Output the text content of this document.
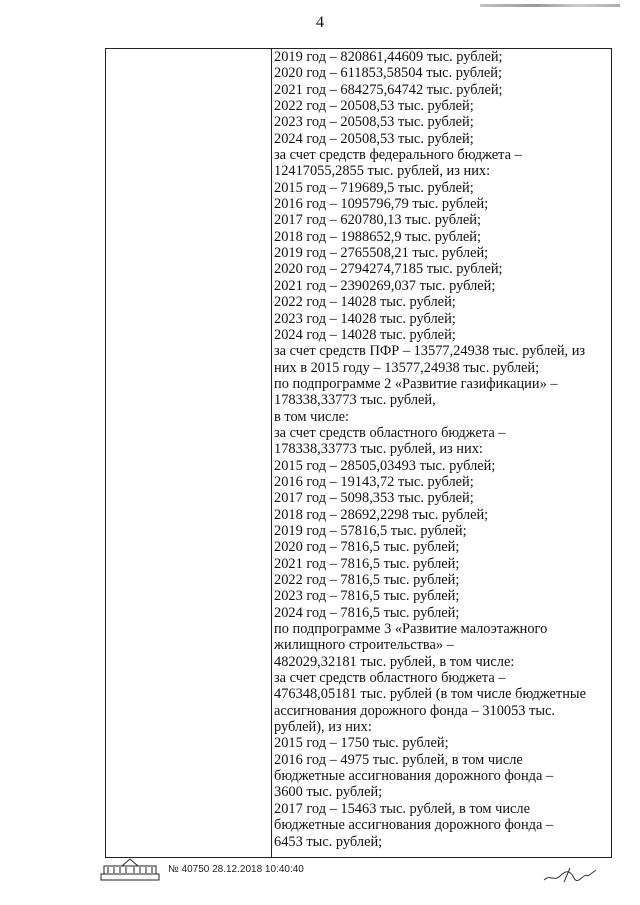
4
2019 год – 820861,44609 тыс. рублей;
2020 год – 611853,58504 тыс. рублей;
2021 год – 684275,64742 тыс. рублей;
2022 год – 20508,53 тыс. рублей;
2023 год – 20508,53 тыс. рублей;
2024 год – 20508,53 тыс. рублей;
за счет средств федерального бюджета –
12417055,2855 тыс. рублей, из них:
2015 год – 719689,5 тыс. рублей;
2016 год – 1095796,79 тыс. рублей;
2017 год – 620780,13 тыс. рублей;
2018 год – 1988652,9 тыс. рублей;
2019 год – 2765508,21 тыс. рублей;
2020 год – 2794274,7185 тыс. рублей;
2021 год – 2390269,037 тыс. рублей;
2022 год – 14028 тыс. рублей;
2023 год – 14028 тыс. рублей;
2024 год – 14028 тыс. рублей;
за счет средств ПФР – 13577,24938 тыс. рублей, из
них в 2015 году – 13577,24938 тыс. рублей;
по подпрограмме 2 «Развитие газификации» –
178338,33773 тыс. рублей,
в том числе:
за счет средств областного бюджета –
178338,33773 тыс. рублей, из них:
2015 год – 28505,03493 тыс. рублей;
2016 год – 19143,72 тыс. рублей;
2017 год – 5098,353 тыс. рублей;
2018 год – 28692,2298 тыс. рублей;
2019 год – 57816,5 тыс. рублей;
2020 год – 7816,5 тыс. рублей;
2021 год – 7816,5 тыс. рублей;
2022 год – 7816,5 тыс. рублей;
2023 год – 7816,5 тыс. рублей;
2024 год – 7816,5 тыс. рублей;
по подпрограмме 3 «Развитие малоэтажного
жилищного строительства» –
482029,32181 тыс. рублей, в том числе:
за счет средств областного бюджета –
476348,05181 тыс. рублей (в том числе бюджетные
ассигнования дорожного фонда – 310053 тыс.
рублей), из них:
2015 год – 1750 тыс. рублей;
2016 год – 4975 тыс. рублей, в том числе
бюджетные ассигнования дорожного фонда –
3600 тыс. рублей;
2017 год – 15463 тыс. рублей, в том числе
бюджетные ассигнования дорожного фонда –
6453 тыс. рублей;
№ 40750 28.12.2018 10:40:40
